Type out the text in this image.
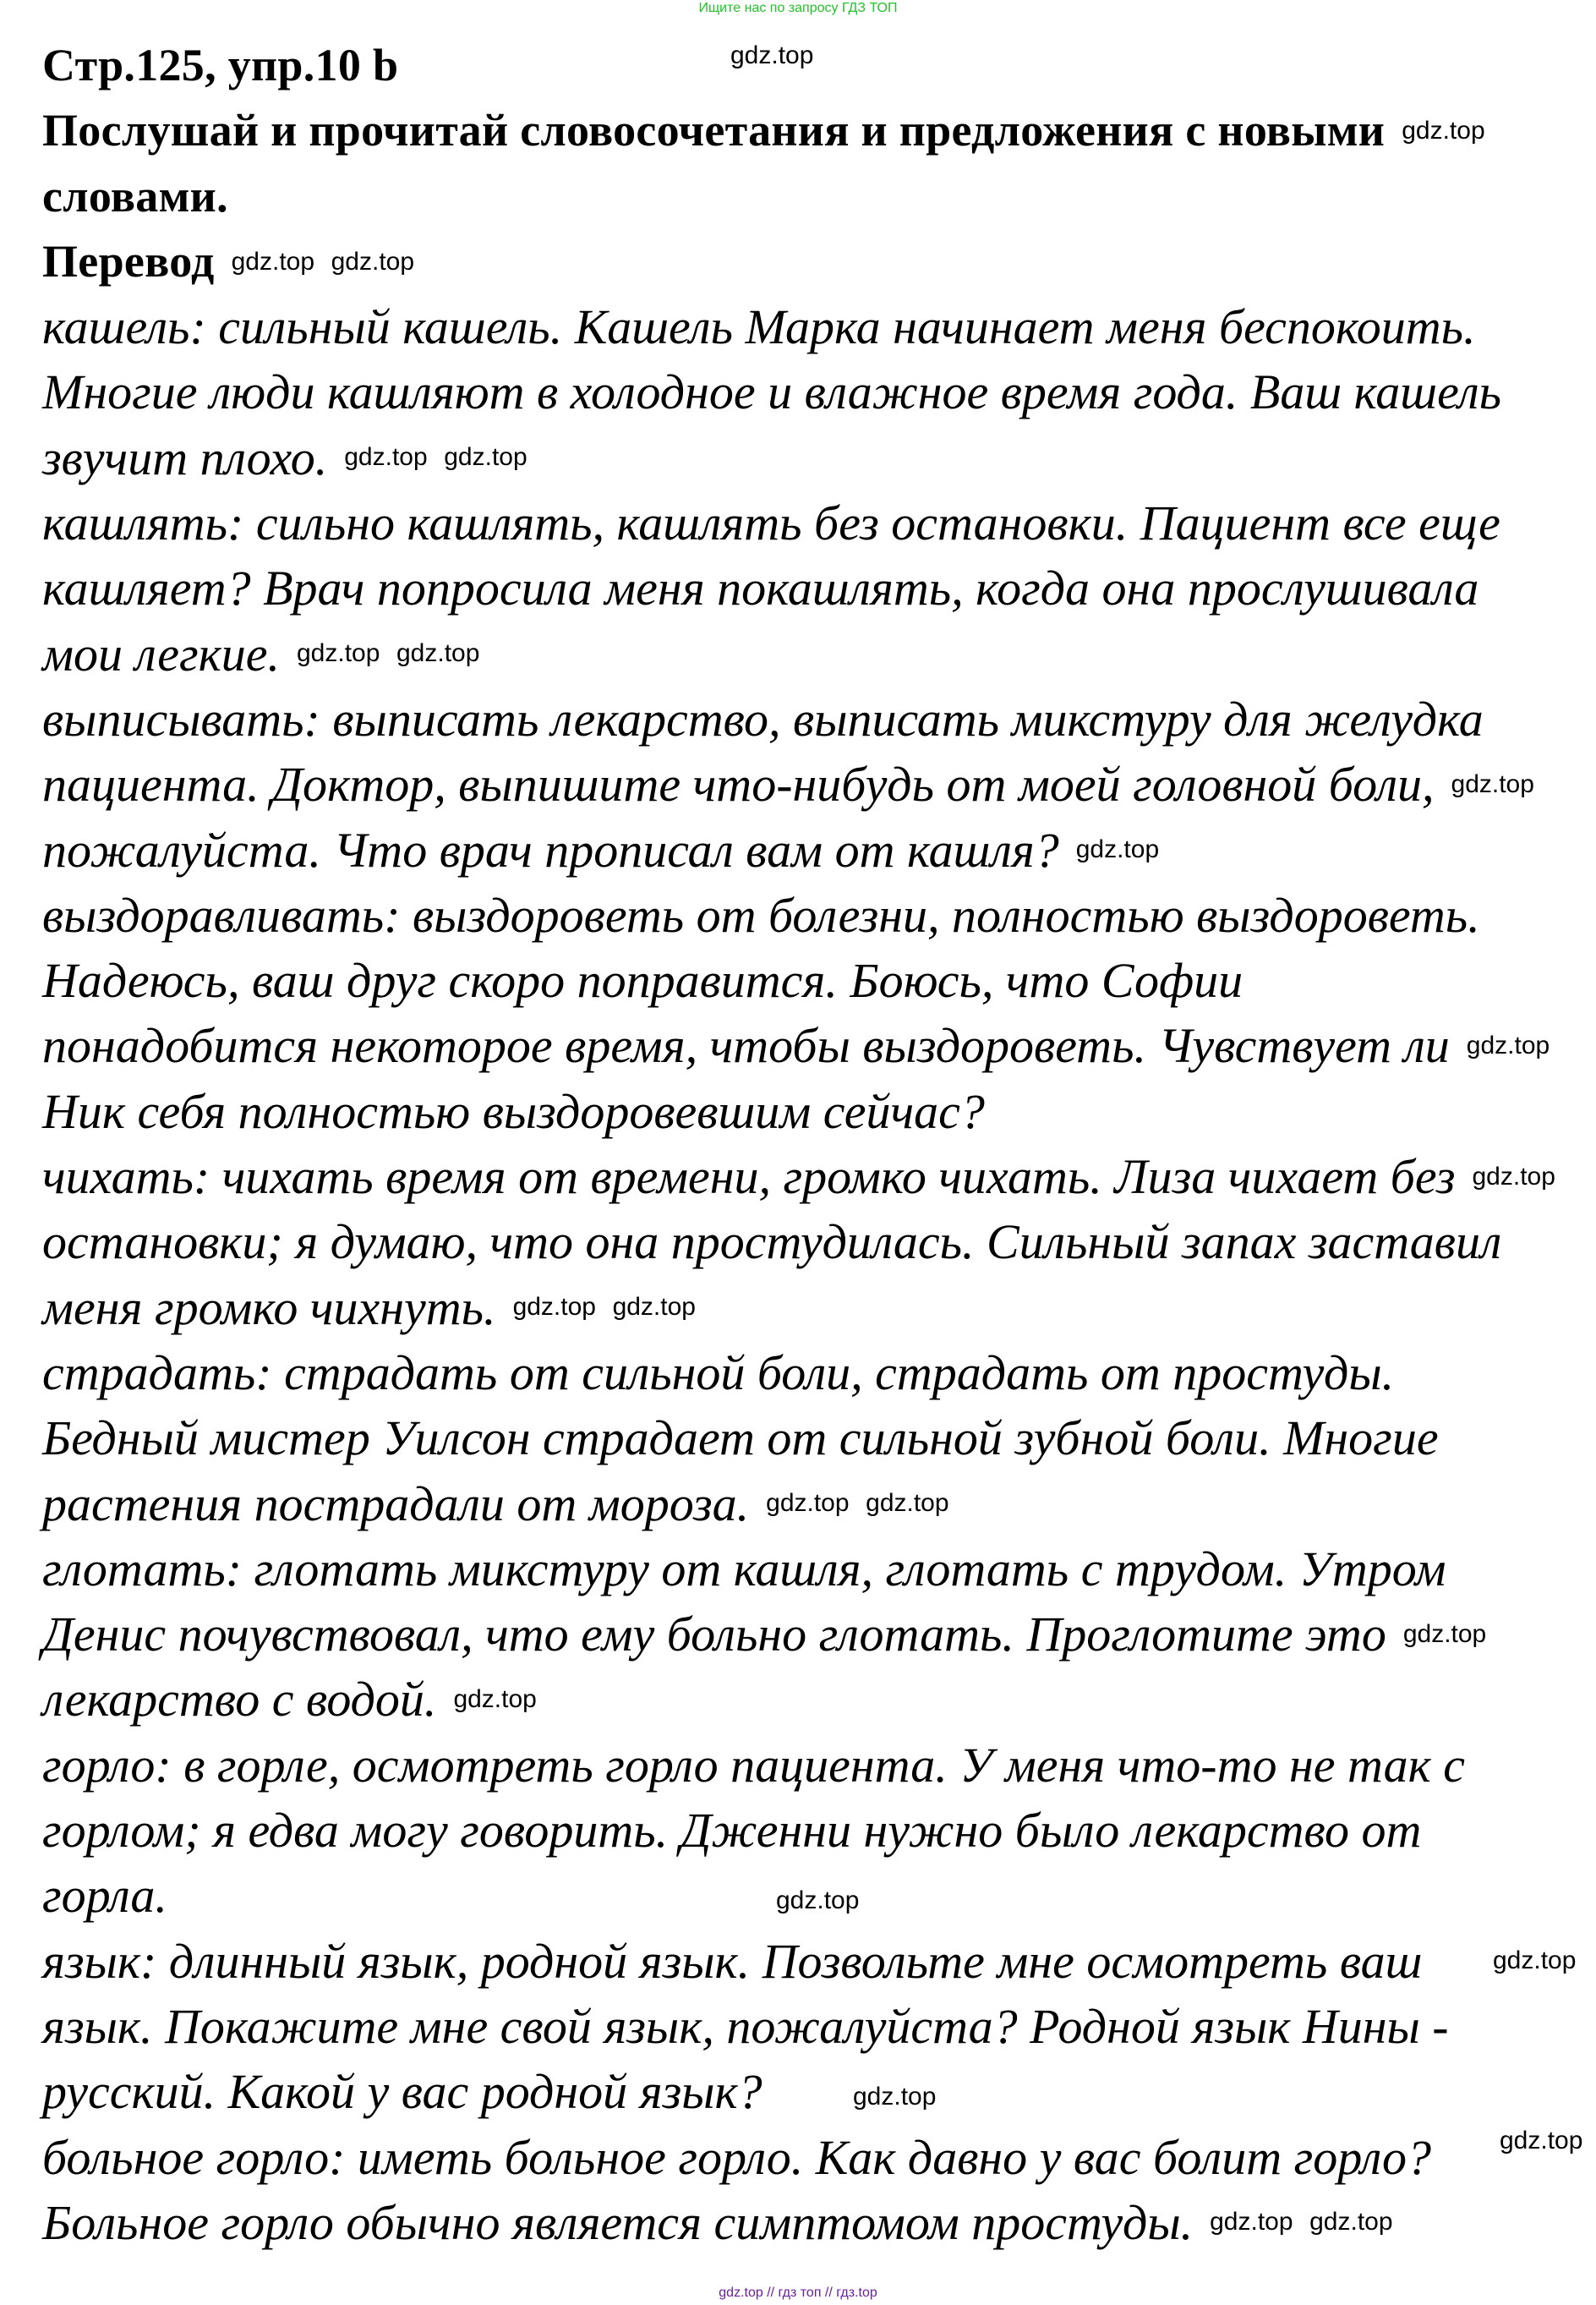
Ищите нас по запросу ГДЗ ТОП
Стр.125, упр.10 b
Послушай и прочитай словосочетания и предложения с новыми
словами.
Перевод
кашель: сильный кашель. Кашель Марка начинает меня беспокоить.
Многие люди кашляют в холодное и влажное время года. Ваш кашель
звучит плохо.
кашлять: сильно кашлять, кашлять без остановки. Пациент все еще
кашляет? Врач попросила меня покашлять, когда она прослушивала
мои легкие.
выписывать: выписать лекарство, выписать микстуру для желудка
пациента. Доктор, выпишите что-нибудь от моей головной боли,
пожалуйста. Что врач прописал вам от кашля?
выздоравливать: выздороветь от болезни, полностью выздороветь.
Надеюсь, ваш друг скоро поправится. Боюсь, что Софии
понадобится некоторое время, чтобы выздороветь. Чувствует ли
Ник себя полностью выздоровевшим сейчас?
чихать: чихать время от времени, громко чихать. Лиза чихает без
остановки; я думаю, что она простудилась. Сильный запах заставил
меня громко чихнуть.
страдать: страдать от сильной боли, страдать от простуды.
Бедный мистер Уилсон страдает от сильной зубной боли. Многие
растения пострадали от мороза.
глотать: глотать микстуру от кашля, глотать с трудом. Утром
Денис почувствовал, что ему больно глотать. Проглотите это
лекарство с водой.
горло: в горле, осмотреть горло пациента. У меня что-то не так с
горлом; я едва могу говорить. Дженни нужно было лекарство от
горла.
язык: длинный язык, родной язык. Позвольте мне осмотреть ваш
язык. Покажите мне свой язык, пожалуйста? Родной язык Нины -
русский. Какой у вас родной язык?
больное горло: иметь больное горло. Как давно у вас болит горло?
Больное горло обычно является симптомом простуды.
gdz.top
gdz.top
gdz.top gdz.top
gdz.top gdz.top
gdz.top gdz.top
gdz.top
gdz.top
gdz.top
gdz.top
gdz.top gdz.top
gdz.top gdz.top
gdz.top
gdz.top
gdz.top
gdz.top
gdz.top
gdz.top
gdz.top gdz.top
gdz.top // гдз топ // гдз.top
